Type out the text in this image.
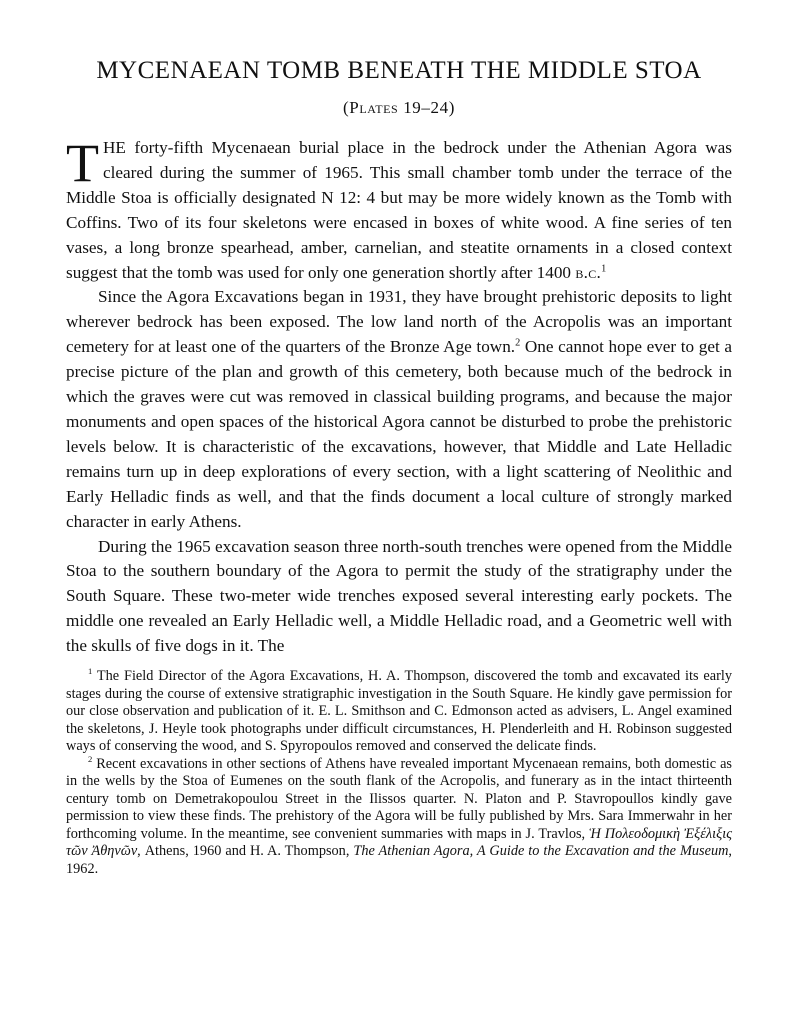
MYCENAEAN TOMB BENEATH THE MIDDLE STOA
(Plates 19–24)

THE forty-fifth Mycenaean burial place in the bedrock under the Athenian Agora was cleared during the summer of 1965. This small chamber tomb under the terrace of the Middle Stoa is officially designated N 12: 4 but may be more widely known as the Tomb with Coffins. Two of its four skeletons were encased in boxes of white wood. A fine series of ten vases, a long bronze spearhead, amber, carnelian, and steatite ornaments in a closed context suggest that the tomb was used for only one generation shortly after 1400 b.c.$^1$

Since the Agora Excavations began in 1931, they have brought prehistoric deposits to light wherever bedrock has been exposed. The low land north of the Acropolis was an important cemetery for at least one of the quarters of the Bronze Age town.$^2$ One cannot hope ever to get a precise picture of the plan and growth of this cemetery, both because much of the bedrock in which the graves were cut was removed in classical building programs, and because the major monuments and open spaces of the historical Agora cannot be disturbed to probe the prehistoric levels below. It is characteristic of the excavations, however, that Middle and Late Helladic remains turn up in deep explorations of every section, with a light scattering of Neolithic and Early Helladic finds as well, and that the finds document a local culture of strongly marked character in early Athens.

During the 1965 excavation season three north-south trenches were opened from the Middle Stoa to the southern boundary of the Agora to permit the study of the stratigraphy under the South Square. These two-meter wide trenches exposed several interesting early pockets. The middle one revealed an Early Helladic well, a Middle Helladic road, and a Geometric well with the skulls of five dogs in it. The

$^1$ The Field Director of the Agora Excavations, H. A. Thompson, discovered the tomb and excavated its early stages during the course of extensive stratigraphic investigation in the South Square. He kindly gave permission for our close observation and publication of it. E. L. Smithson and C. Edmonson acted as advisers, L. Angel examined the skeletons, J. Heyle took photographs under difficult circumstances, H. Plenderleith and H. Robinson suggested ways of conserving the wood, and S. Spyropoulos removed and conserved the delicate finds.

$^2$ Recent excavations in other sections of Athens have revealed important Mycenaean remains, both domestic as in the wells by the Stoa of Eumenes on the south flank of the Acropolis, and funerary as in the intact thirteenth century tomb on Demetrakopoulou Street in the Ilissos quarter. N. Platon and P. Stavropoullos kindly gave permission to view these finds. The prehistory of the Agora will be fully published by Mrs. Sara Immerwahr in her forthcoming volume. In the meantime, see convenient summaries with maps in J. Travlos, Ἡ Πολεοδομικὴ Ἐξέλιξις τῶν Ἀθηνῶν, Athens, 1960 and H. A. Thompson, The Athenian Agora, A Guide to the Excavation and the Museum, 1962.
